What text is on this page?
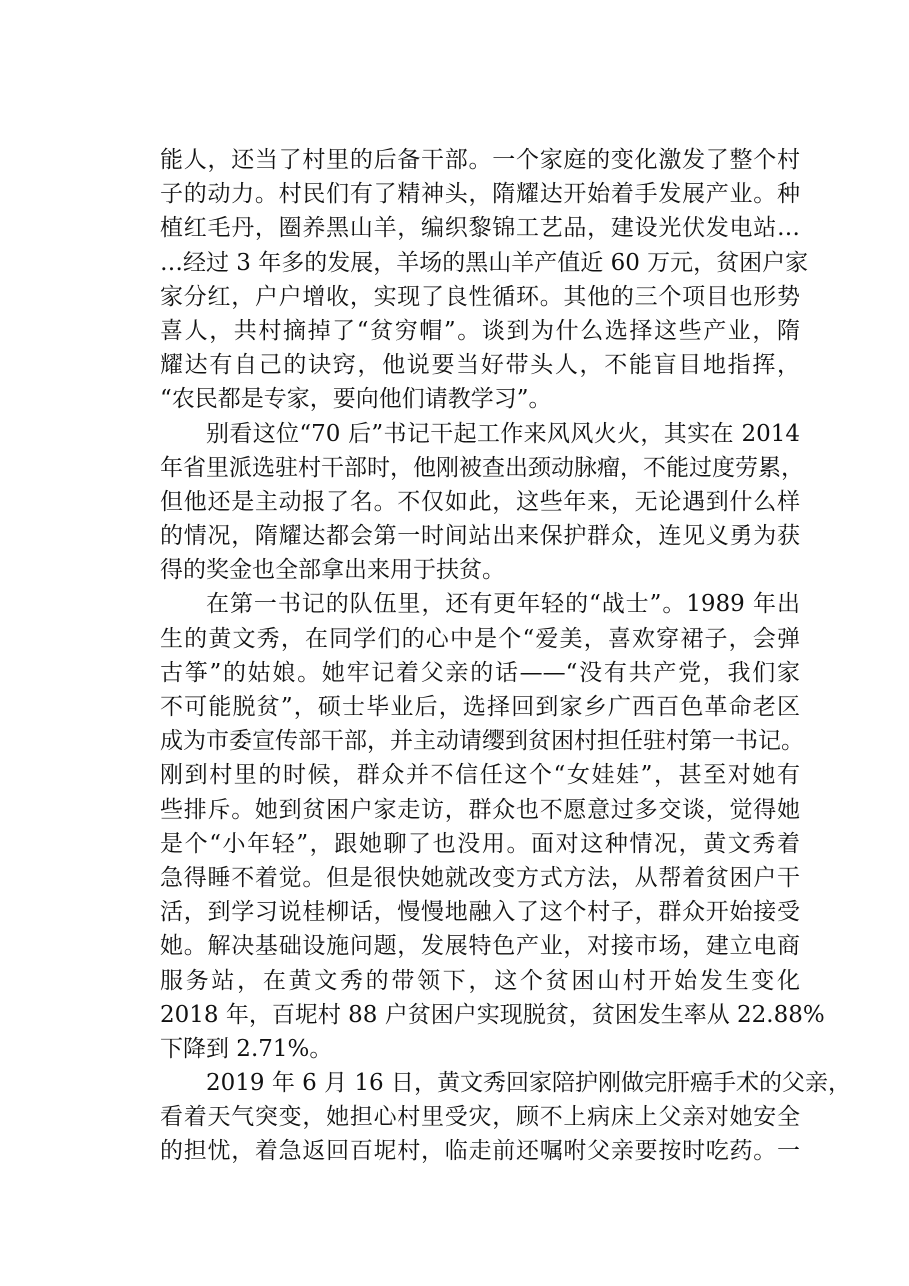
能人，还当了村里的后备干部。一个家庭的变化激发了整个村
子的动力。村民们有了精神头，隋耀达开始着手发展产业。种
植红毛丹，圈养黑山羊，编织黎锦工艺品，建设光伏发电站…
…经过 3 年多的发展，羊场的黑山羊产值近 60 万元，贫困户家
家分红，户户增收，实现了良性循环。其他的三个项目也形势
喜人，共村摘掉了“贫穷帽”。谈到为什么选择这些产业，隋
耀达有自己的诀窍，他说要当好带头人，不能盲目地指挥，
“农民都是专家，要向他们请教学习”。
别看这位“70 后”书记干起工作来风风火火，其实在 2014
年省里派选驻村干部时，他刚被查出颈动脉瘤，不能过度劳累，
但他还是主动报了名。不仅如此，这些年来，无论遇到什么样
的情况，隋耀达都会第一时间站出来保护群众，连见义勇为获
得的奖金也全部拿出来用于扶贫。
在第一书记的队伍里，还有更年轻的“战士”。1989 年出
生的黄文秀，在同学们的心中是个“爱美，喜欢穿裙子，会弹
古筝”的姑娘。她牢记着父亲的话——“没有共产党，我们家
不可能脱贫”，硕士毕业后，选择回到家乡广西百色革命老区
成为市委宣传部干部，并主动请缨到贫困村担任驻村第一书记。
刚到村里的时候，群众并不信任这个“女娃娃”，甚至对她有
些排斥。她到贫困户家走访，群众也不愿意过多交谈，觉得她
是个“小年轻”，跟她聊了也没用。面对这种情况，黄文秀着
急得睡不着觉。但是很快她就改变方式方法，从帮着贫困户干
活，到学习说桂柳话，慢慢地融入了这个村子，群众开始接受
她。解决基础设施问题，发展特色产业，对接市场，建立电商
服务站，在黄文秀的带领下，这个贫困山村开始发生变化
2018 年，百坭村 88 户贫困户实现脱贫，贫困发生率从 22.88%
下降到 2.71%。
2019 年 6 月 16 日，黄文秀回家陪护刚做完肝癌手术的父亲，
看着天气突变，她担心村里受灾，顾不上病床上父亲对她安全
的担忧，着急返回百坭村，临走前还嘱咐父亲要按时吃药。一
